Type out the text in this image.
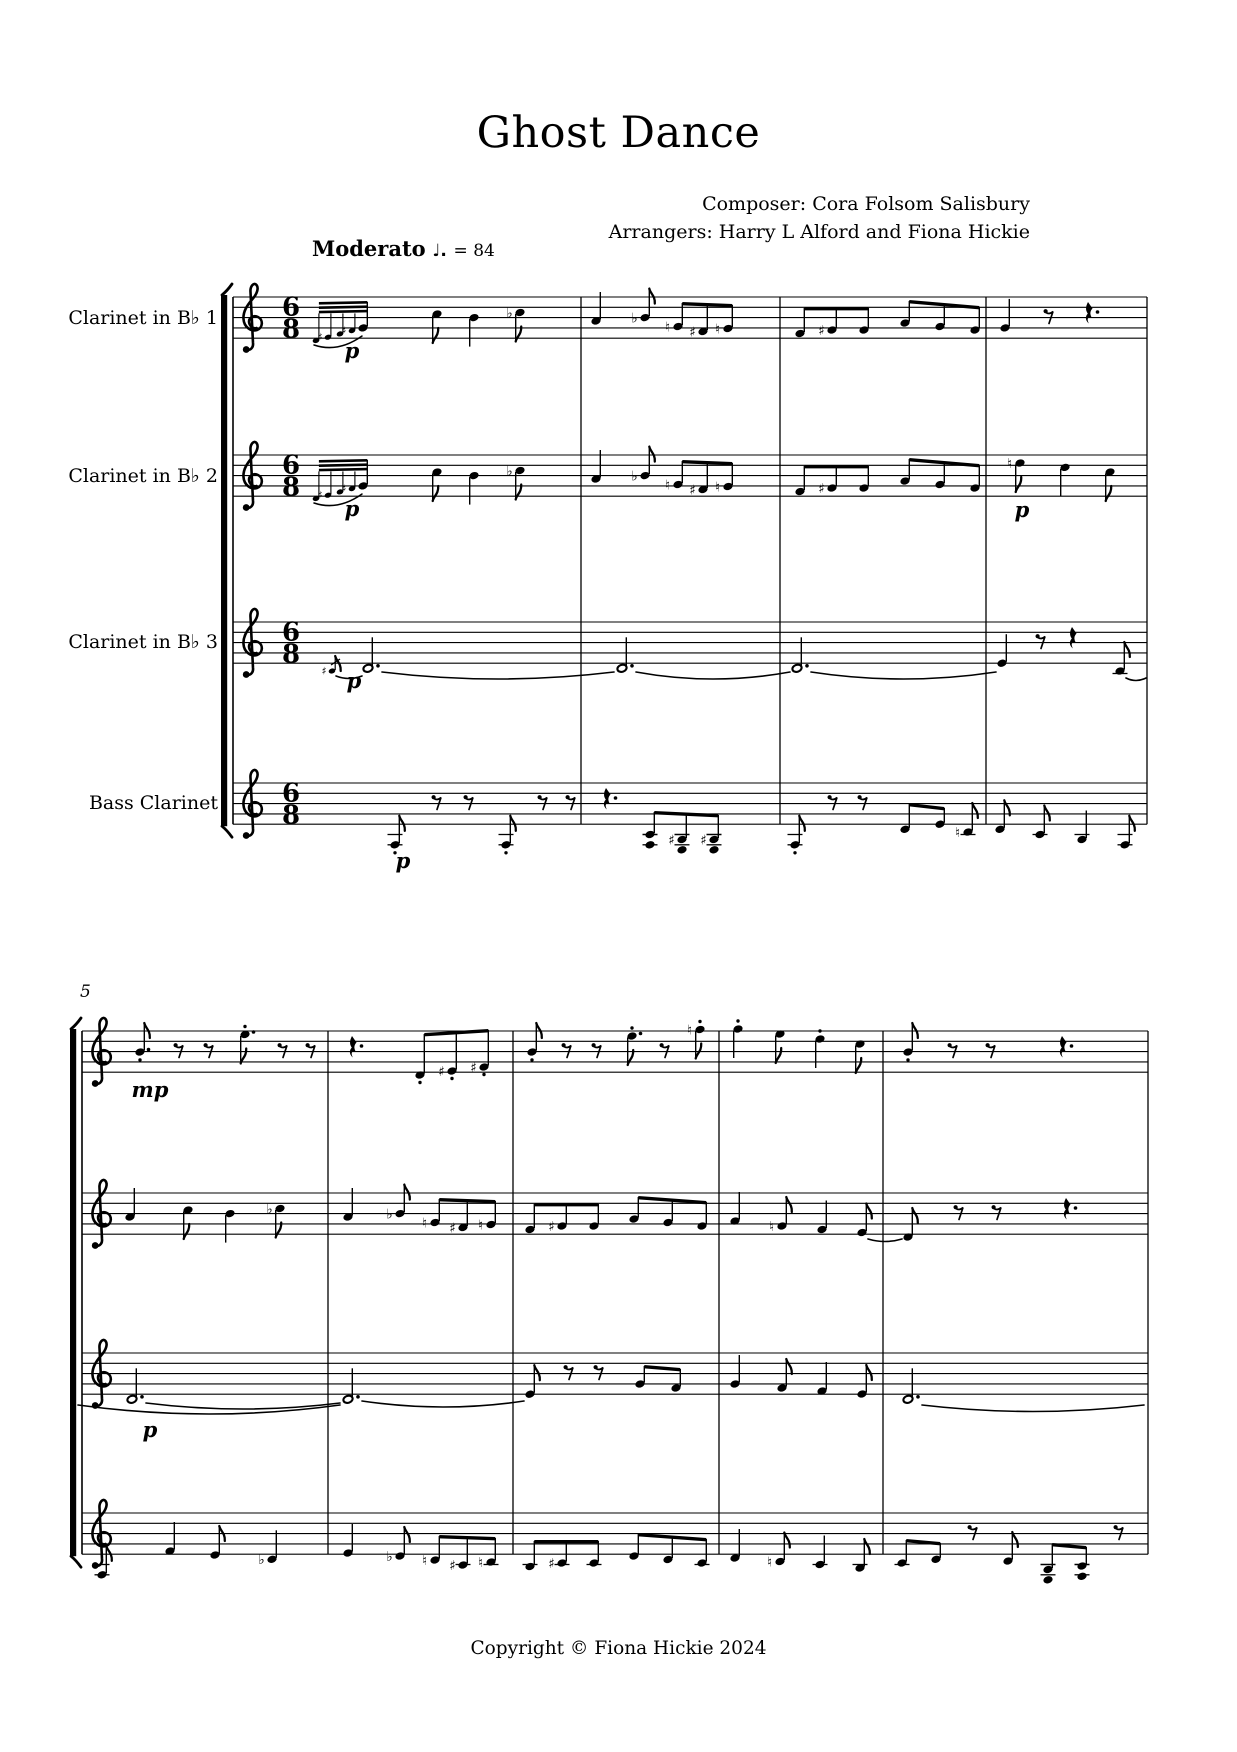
Ghost Dance
Composer: Cora Folsom Salisbury
Arrangers: Harry L Alford and Fiona Hickie
Moderato ♩. = 84
Clarinet in B♭ 1
Clarinet in B♭ 2
Clarinet in B♭ 3
Bass Clarinet
5
6
8 ♯
♯
p
♭	♭
♮ ♯ ♮	♯
6
8 ♯
♯
p
♭	♭
♮ ♯ ♮	♯
♮
p
6
8
♯ p
6
8
p
♯ ♯	♮
mp
♯ ♯
♮
♭	♭
♮ ♯ ♮	♯	♮
p
♭	♭ ♮ ♯ ♮	♯	♮
Copyright © Fiona Hickie 2024
